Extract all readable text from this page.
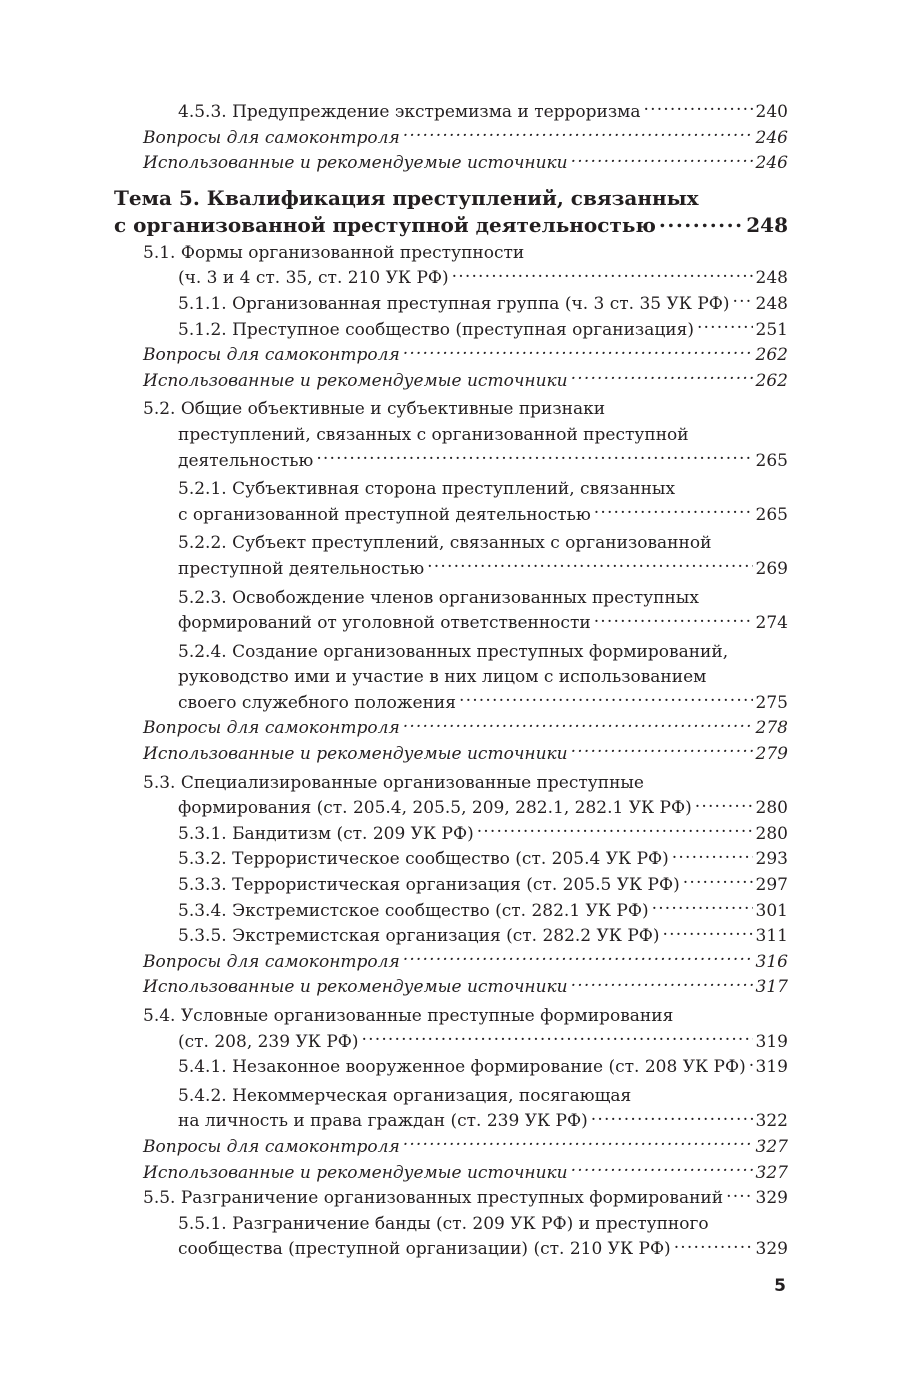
4.5.3. Предупреждение экстремизма и терроризма .....	240
Вопросы для самоконтроля .....	246
Использованные и рекомендуемые источники .....	246
Тема 5. Квалификация преступлений, связанных
с организованной преступной деятельностью .....	248
5.1. Формы организованной преступности
(ч. 3 и 4 ст. 35, ст. 210 УК РФ) .....	248
5.1.1. Организованная преступная группа (ч. 3 ст. 35 УК РФ) ..... 248
5.1.2. Преступное сообщество (преступная организация) .....	251
Вопросы для самоконтроля .....	262
Использованные и рекомендуемые источники .....	262
5.2. Общие объективные и субъективные признаки
преступлений, связанных с организованной преступной
деятельностью .....	265
5.2.1. Субъективная сторона преступлений, связанных
с организованной преступной деятельностью .....	265
5.2.2. Субъект преступлений, связанных с организованной
преступной деятельностью .....	269
5.2.3. Освобождение членов организованных преступных
формирований от уголовной ответственности .....	274
5.2.4. Создание организованных преступных формирований,
руководство ими и участие в них лицом с использованием
своего служебного положения .....	275
Вопросы для самоконтроля .....	278
Использованные и рекомендуемые источники .....	279
5.3. Специализированные организованные преступные
формирования (ст. 205.4, 205.5, 209, 282.1, 282.1 УК РФ) .....	280
5.3.1. Бандитизм (ст. 209 УК РФ) .....	280
5.3.2. Террористическое сообщество (ст. 205.4 УК РФ) .....	293
5.3.3. Террористическая организация (ст. 205.5 УК РФ) .....	297
5.3.4. Экстремистское сообщество (ст. 282.1 УК РФ) .....	301
5.3.5. Экстремистская организация (ст. 282.2 УК РФ) .....	311
Вопросы для самоконтроля .....	316
Использованные и рекомендуемые источники .....	317
5.4. Условные организованные преступные формирования
(ст. 208, 239 УК РФ) .....	319
5.4.1. Незаконное вооруженное формирование (ст. 208 УК РФ) ..... 319
5.4.2. Некоммерческая организация, посягающая
на личность и права граждан (ст. 239 УК РФ) .....	322
Вопросы для самоконтроля .....	327
Использованные и рекомендуемые источники .....	327
5.5. Разграничение организованных преступных формирований ..... 329
5.5.1. Разграничение банды (ст. 209 УК РФ) и преступного
сообщества (преступной организации) (ст. 210 УК РФ) .....	329
5
